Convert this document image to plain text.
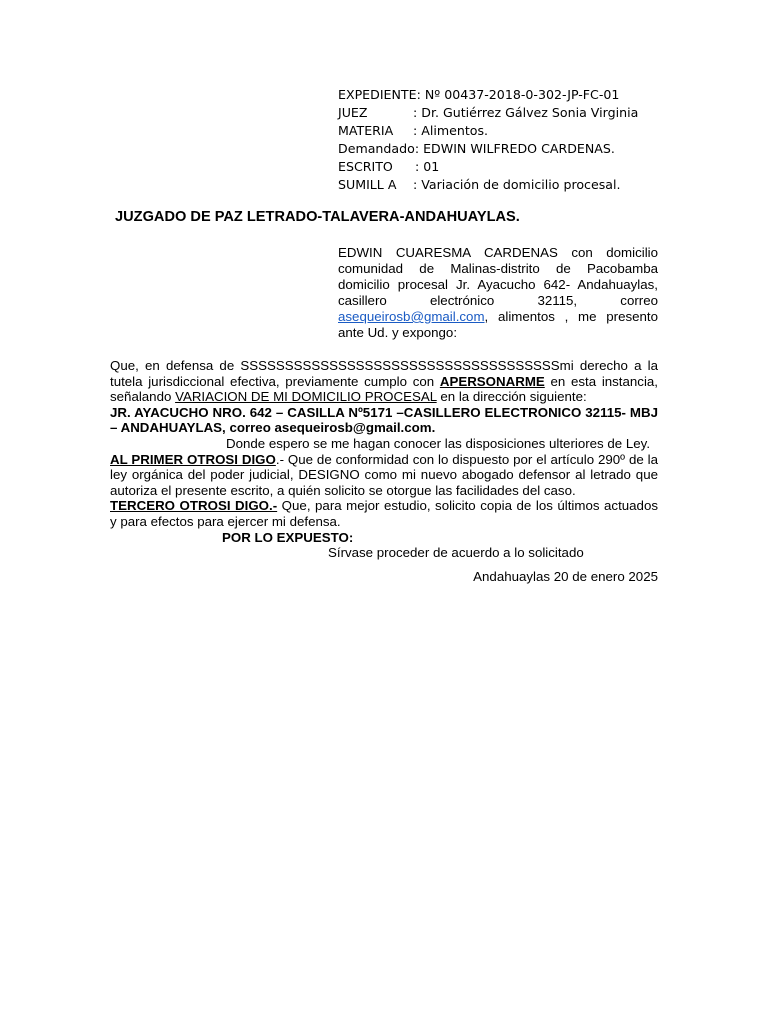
EXPEDIENTE: Nº 00437-2018-0-302-JP-FC-01
JUEZ	: Dr. Gutiérrez Gálvez Sonia Virginia
MATERIA : Alimentos.
Demandado: EDWIN WILFREDO CARDENAS.
ESCRITO : 01
SUMILL A : Variación de domicilio procesal.
JUZGADO DE PAZ LETRADO-TALAVERA-ANDAHUAYLAS.
EDWIN CUARESMA CARDENAS con domicilio comunidad de Malinas-distrito de Pacobamba domicilio procesal Jr. Ayacucho 642- Andahuaylas, casillero electrónico 32115, correo asequeirosb@gmail.com, alimentos , me presento ante Ud. y expongo:

Que, en defensa de SSSSSSSSSSSSSSSSSSSSSSSSSSSSSSSSSSSSmi derecho a la tutela jurisdiccional efectiva, previamente cumplo con APERSONARME en esta instancia, señalando VARIACION DE MI DOMICILIO PROCESAL en la dirección siguiente:

JR. AYACUCHO NRO. 642 – CASILLA Nº5171 –CASILLERO ELECTRONICO 32115- MBJ – ANDAHUAYLAS, correo asequeirosb@gmail.com.

Donde espero se me hagan conocer las disposiciones ulteriores de Ley.

AL PRIMER OTROSI DIGO.- Que de conformidad con lo dispuesto por el artículo 290º de la ley orgánica del poder judicial, DESIGNO como mi nuevo abogado defensor al letrado que autoriza el presente escrito, a quién solicito se otorgue las facilidades del caso.

TERCERO OTROSI DIGO.- Que, para mejor estudio, solicito copia de los últimos actuados y para efectos para ejercer mi defensa.

POR LO EXPUESTO:

Sírvase proceder de acuerdo a lo solicitado

Andahuaylas 20 de enero 2025
